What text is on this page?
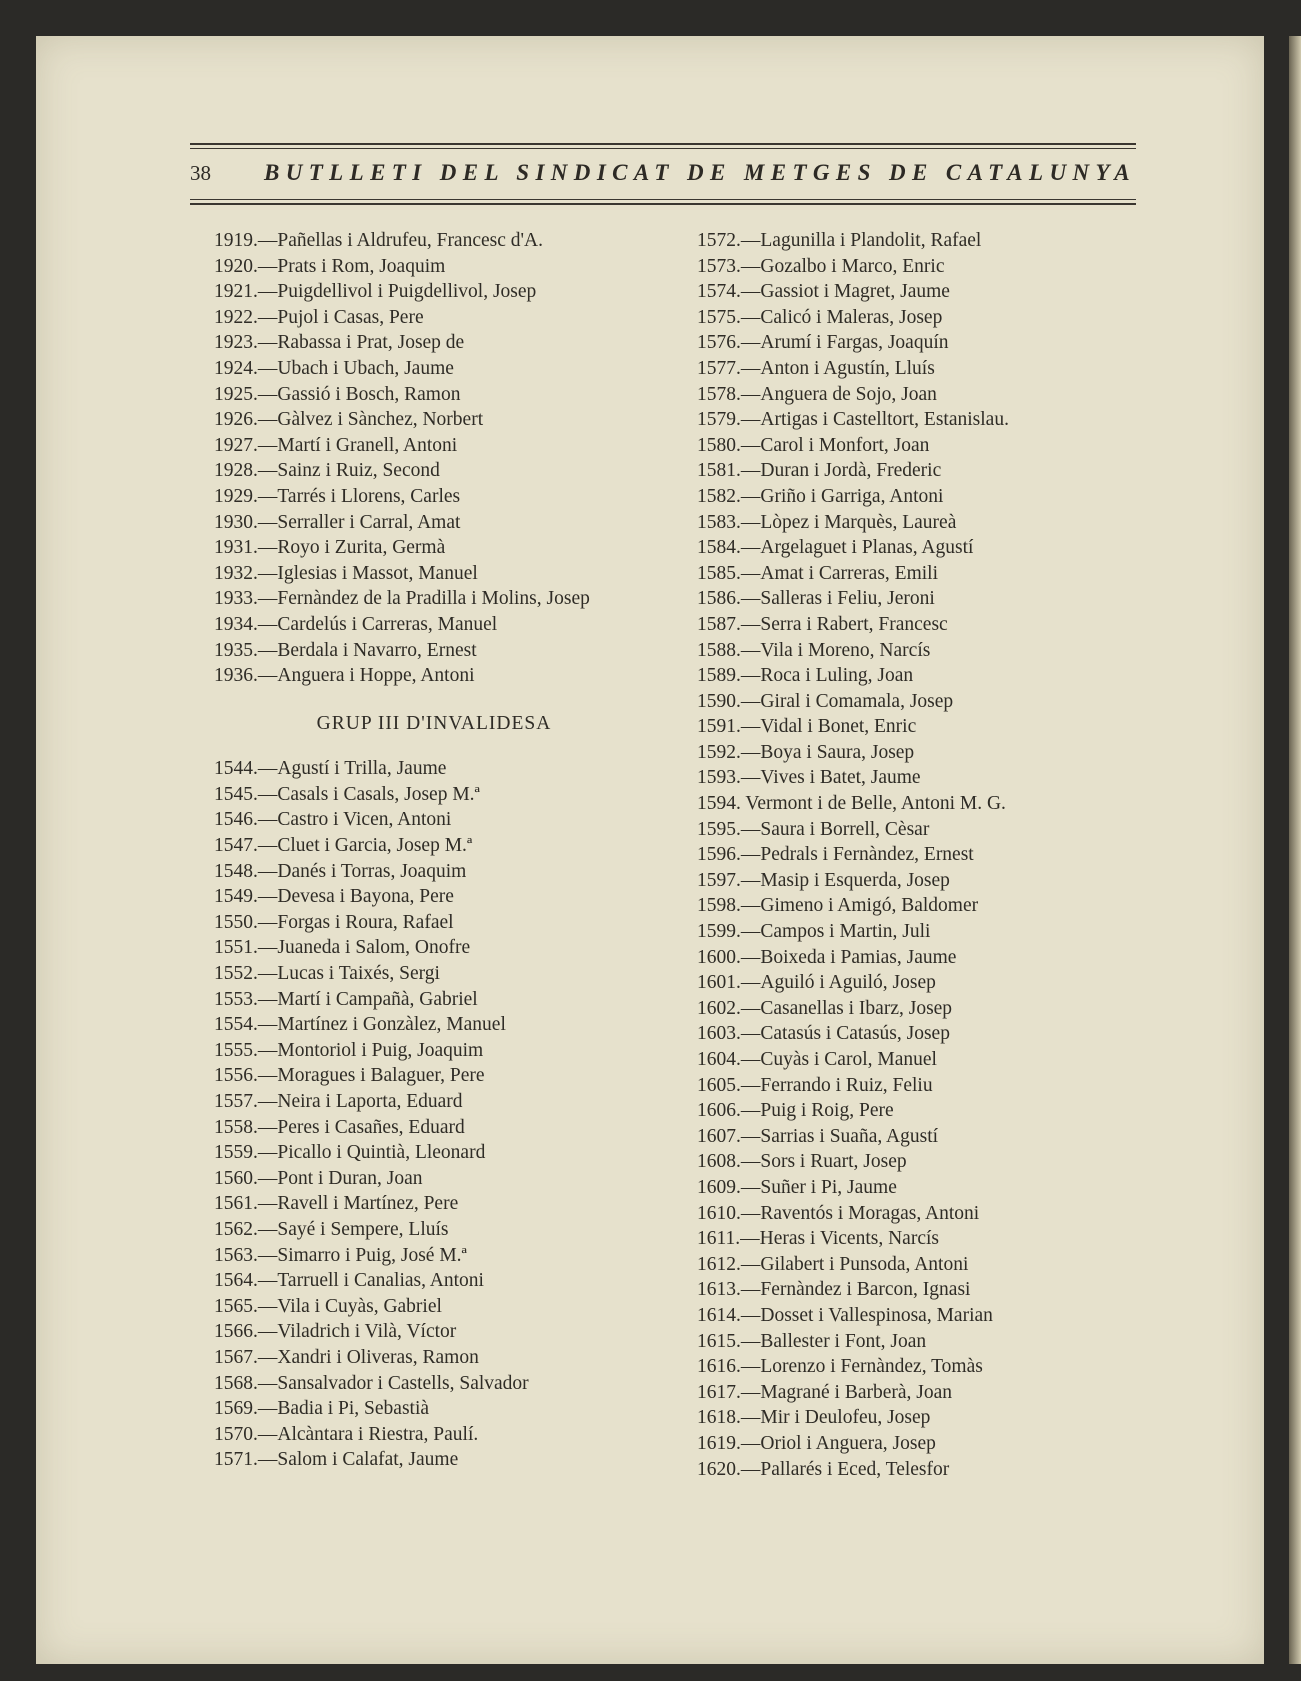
38 BUTLLETI DEL SINDICAT DE METGES DE CATALUNYA
1919.—Pañellas i Aldrufeu, Francesc d'A.
1920.—Prats i Rom, Joaquim
1921.—Puigdellivol i Puigdellivol, Josep
1922.—Pujol i Casas, Pere
1923.—Rabassa i Prat, Josep de
1924.—Ubach i Ubach, Jaume
1925.—Gassió i Bosch, Ramon
1926.—Gàlvez i Sànchez, Norbert
1927.—Martí i Granell, Antoni
1928.—Sainz i Ruiz, Second
1929.—Tarrés i Llorens, Carles
1930.—Serraller i Carral, Amat
1931.—Royo i Zurita, Germà
1932.—Iglesias i Massot, Manuel
1933.—Fernàndez de la Pradilla i Molins, Josep
1934.—Cardelús i Carreras, Manuel
1935.—Berdala i Navarro, Ernest
1936.—Anguera i Hoppe, Antoni
GRUP III D'INVALIDESA
1544.—Agustí i Trilla, Jaume
1545.—Casals i Casals, Josep M.ª
1546.—Castro i Vicen, Antoni
1547.—Cluet i Garcia, Josep M.ª
1548.—Danés i Torras, Joaquim
1549.—Devesa i Bayona, Pere
1550.—Forgas i Roura, Rafael
1551.—Juaneda i Salom, Onofre
1552.—Lucas i Taixés, Sergi
1553.—Martí i Campañà, Gabriel
1554.—Martínez i Gonzàlez, Manuel
1555.—Montoriol i Puig, Joaquim
1556.—Moragues i Balaguer, Pere
1557.—Neira i Laporta, Eduard
1558.—Peres i Casañes, Eduard
1559.—Picallo i Quintià, Lleonard
1560.—Pont i Duran, Joan
1561.—Ravell i Martínez, Pere
1562.—Sayé i Sempere, Lluís
1563.—Simarro i Puig, José M.ª
1564.—Tarruell i Canalias, Antoni
1565.—Vila i Cuyàs, Gabriel
1566.—Viladrich i Vilà, Víctor
1567.—Xandri i Oliveras, Ramon
1568.—Sansalvador i Castells, Salvador
1569.—Badia i Pi, Sebastià
1570.—Alcàntara i Riestra, Paulí.
1571.—Salom i Calafat, Jaume
1572.—Lagunilla i Plandolit, Rafael
1573.—Gozalbo i Marco, Enric
1574.—Gassiot i Magret, Jaume
1575.—Calicó i Maleras, Josep
1576.—Arumí i Fargas, Joaquín
1577.—Anton i Agustín, Lluís
1578.—Anguera de Sojo, Joan
1579.—Artigas i Castelltort, Estanislau.
1580.—Carol i Monfort, Joan
1581.—Duran i Jordà, Frederic
1582.—Griño i Garriga, Antoni
1583.—Lòpez i Marquès, Laureà
1584.—Argelaguet i Planas, Agustí
1585.—Amat i Carreras, Emili
1586.—Salleras i Feliu, Jeroni
1587.—Serra i Rabert, Francesc
1588.—Vila i Moreno, Narcís
1589.—Roca i Luling, Joan
1590.—Giral i Comamala, Josep
1591.—Vidal i Bonet, Enric
1592.—Boya i Saura, Josep
1593.—Vives i Batet, Jaume
1594. Vermont i de Belle, Antoni M. G.
1595.—Saura i Borrell, Cèsar
1596.—Pedrals i Fernàndez, Ernest
1597.—Masip i Esquerda, Josep
1598.—Gimeno i Amigó, Baldomer
1599.—Campos i Martin, Juli
1600.—Boixeda i Pamias, Jaume
1601.—Aguiló i Aguiló, Josep
1602.—Casanellas i Ibarz, Josep
1603.—Catasús i Catasús, Josep
1604.—Cuyàs i Carol, Manuel
1605.—Ferrando i Ruiz, Feliu
1606.—Puig i Roig, Pere
1607.—Sarrias i Suaña, Agustí
1608.—Sors i Ruart, Josep
1609.—Suñer i Pi, Jaume
1610.—Raventós i Moragas, Antoni
1611.—Heras i Vicents, Narcís
1612.—Gilabert i Punsoda, Antoni
1613.—Fernàndez i Barcon, Ignasi
1614.—Dosset i Vallespinosa, Marian
1615.—Ballester i Font, Joan
1616.—Lorenzo i Fernàndez, Tomàs
1617.—Magrané i Barberà, Joan
1618.—Mir i Deulofeu, Josep
1619.—Oriol i Anguera, Josep
1620.—Pallarés i Eced, Telesfor
